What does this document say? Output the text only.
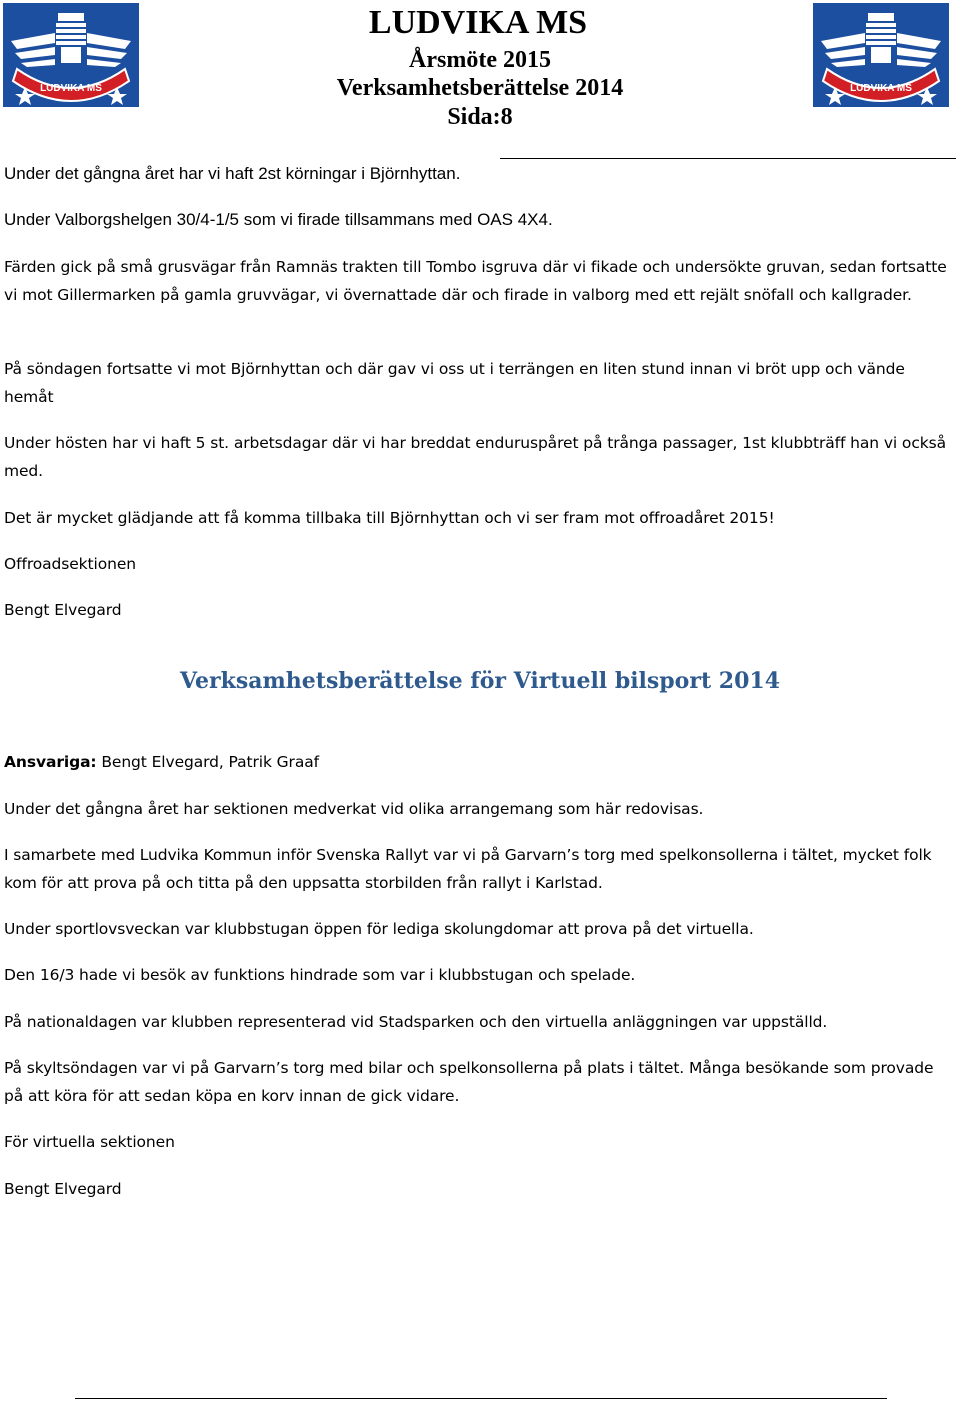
LUDVIKA MS	LUDVIKA MS
LUDVIKA MS
Årsmöte 2015
Verksamhetsberättelse 2014
Sida:8

Under det gångna året har vi haft 2st körningar i Björnhyttan.

Under Valborgshelgen 30/4-1/5 som vi firade tillsammans med OAS 4X4.

Färden gick på små grusvägar från Ramnäs trakten till Tombo isgruva där vi fikade och undersökte gruvan, sedan fortsatte vi mot Gillermarken på gamla gruvvägar, vi övernattade där och firade in valborg med ett rejält snöfall och kallgrader.

På söndagen fortsatte vi mot Björnhyttan och där gav vi oss ut i terrängen en liten stund innan vi bröt upp och vände hemåt

Under hösten har vi haft 5 st. arbetsdagar där vi har breddat enduruspåret på trånga passager, 1st klubbträff han vi också med.

Det är mycket glädjande att få komma tillbaka till Björnhyttan och vi ser fram mot offroadåret 2015!

Offroadsektionen

Bengt Elvegard

Verksamhetsberättelse för Virtuell bilsport 2014

Ansvariga: Bengt Elvegard, Patrik Graaf

Under det gångna året har sektionen medverkat vid olika arrangemang som här redovisas.

I samarbete med Ludvika Kommun inför Svenska Rallyt var vi på Garvarn’s torg med spelkonsollerna i tältet, mycket folk kom för att prova på och titta på den uppsatta storbilden från rallyt i Karlstad.

Under sportlovsveckan var klubbstugan öppen för lediga skolungdomar att prova på det virtuella.

Den 16/3 hade vi besök av funktions hindrade som var i klubbstugan och spelade.

På nationaldagen var klubben representerad vid Stadsparken och den virtuella anläggningen var uppställd.

På skyltsöndagen var vi på Garvarn’s torg med bilar och spelkonsollerna på plats i tältet. Många besökande som provade på att köra för att sedan köpa en korv innan de gick vidare.

För virtuella sektionen

Bengt Elvegard
